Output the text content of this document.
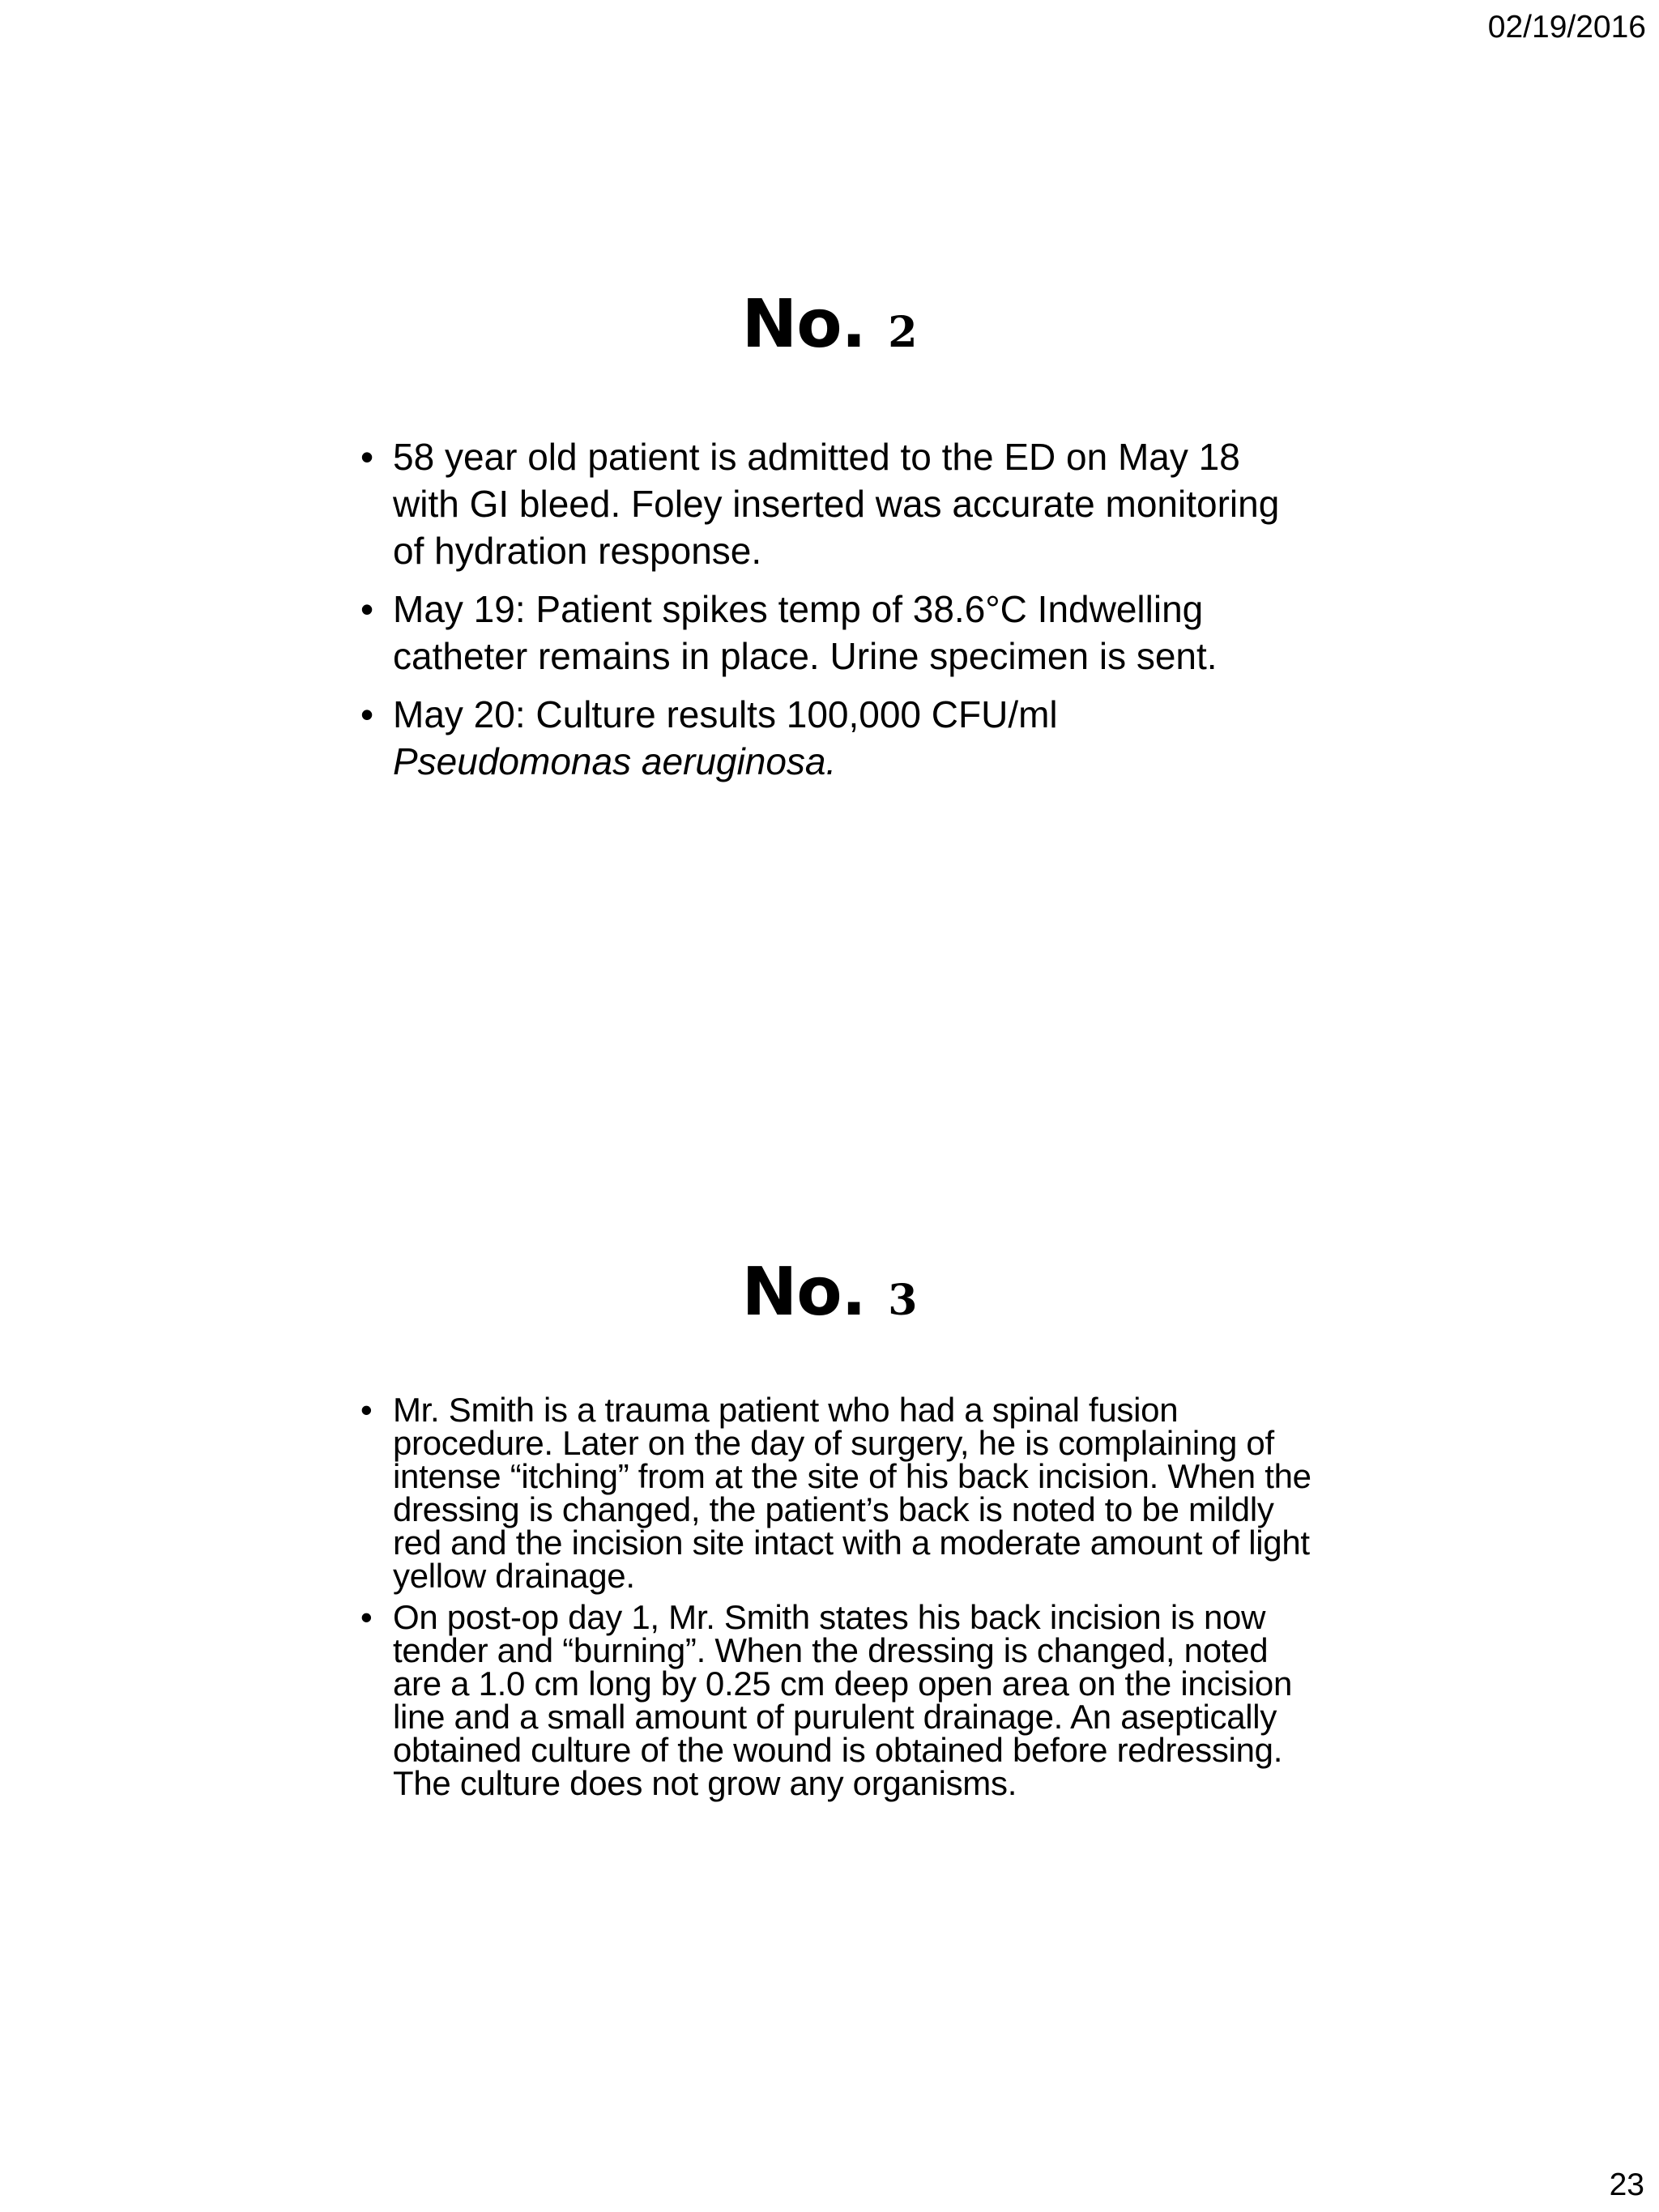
02/19/2016
No. 2
• 58 year old patient is admitted to the ED on May 18 with GI bleed. Foley inserted was accurate monitoring of hydration response.
• May 19: Patient spikes temp of 38.6°C Indwelling catheter remains in place. Urine specimen is sent.
• May 20: Culture results 100,000 CFU/ml
Pseudomonas aeruginosa.
No. 3
• Mr. Smith is a trauma patient who had a spinal fusion procedure. Later on the day of surgery, he is complaining of intense “itching” from at the site of his back incision. When the dressing is changed, the patient’s back is noted to be mildly red and the incision site intact with a moderate amount of light yellow drainage.
• On post-op day 1, Mr. Smith states his back incision is now tender and “burning”. When the dressing is changed, noted are a 1.0 cm long by 0.25 cm deep open area on the incision line and a small amount of purulent drainage. An aseptically obtained culture of the wound is obtained before redressing. The culture does not grow any organisms.
23
